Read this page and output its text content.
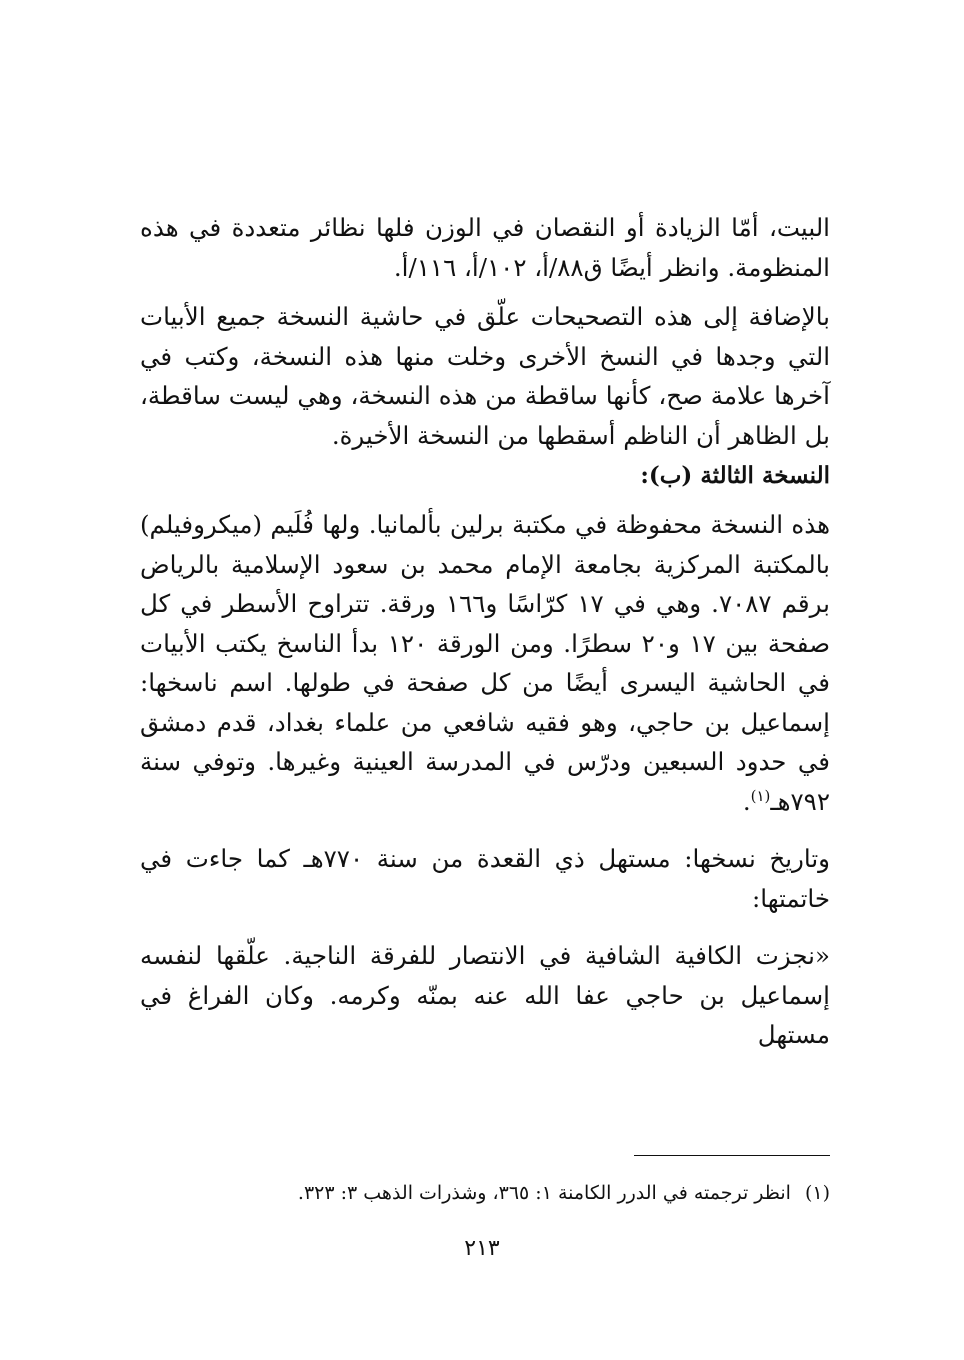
البيت، أمّا الزيادة أو النقصان في الوزن فلها نظائر متعددة في هذه المنظومة. وانظر أيضًا ق٨٨/أ، ١٠٢/أ، ١١٦/أ.

بالإضافة إلى هذه التصحيحات علّق في حاشية النسخة جميع الأبيات التي وجدها في النسخ الأخرى وخلت منها هذه النسخة، وكتب في آخرها علامة صح، كأنها ساقطة من هذه النسخة، وهي ليست ساقطة، بل الظاهر أن الناظم أسقطها من النسخة الأخيرة.

النسخة الثالثة (ب):

هذه النسخة محفوظة في مكتبة برلين بألمانيا. ولها فُلَيم (ميكروفيلم) بالمكتبة المركزية بجامعة الإمام محمد بن سعود الإسلامية بالرياض برقم ٧٠٨٧. وهي في ١٧ كرّاسًا و١٦٦ ورقة. تتراوح الأسطر في كل صفحة بين ١٧ و٢٠ سطرًا. ومن الورقة ١٢٠ بدأ الناسخ يكتب الأبيات في الحاشية اليسرى أيضًا من كل صفحة في طولها. اسم ناسخها: إسماعيل بن حاجي، وهو فقيه شافعي من علماء بغداد، قدم دمشق في حدود السبعين ودرّس في المدرسة العينية وغيرها. وتوفي سنة ٧٩٢هـ$^{(١)}$.

وتاريخ نسخها: مستهل ذي القعدة من سنة ٧٧٠هـ كما جاءت في خاتمتها:

«نجزت الكافية الشافية في الانتصار للفرقة الناجية. علّقها لنفسه إسماعيل بن حاجي عفا الله عنه بمنّه وكرمه. وكان الفراغ في مستهل

(١)انظر ترجمته في الدرر الكامنة ١: ٣٦٥، وشذرات الذهب ٣: ٣٢٣.

٢١٣
